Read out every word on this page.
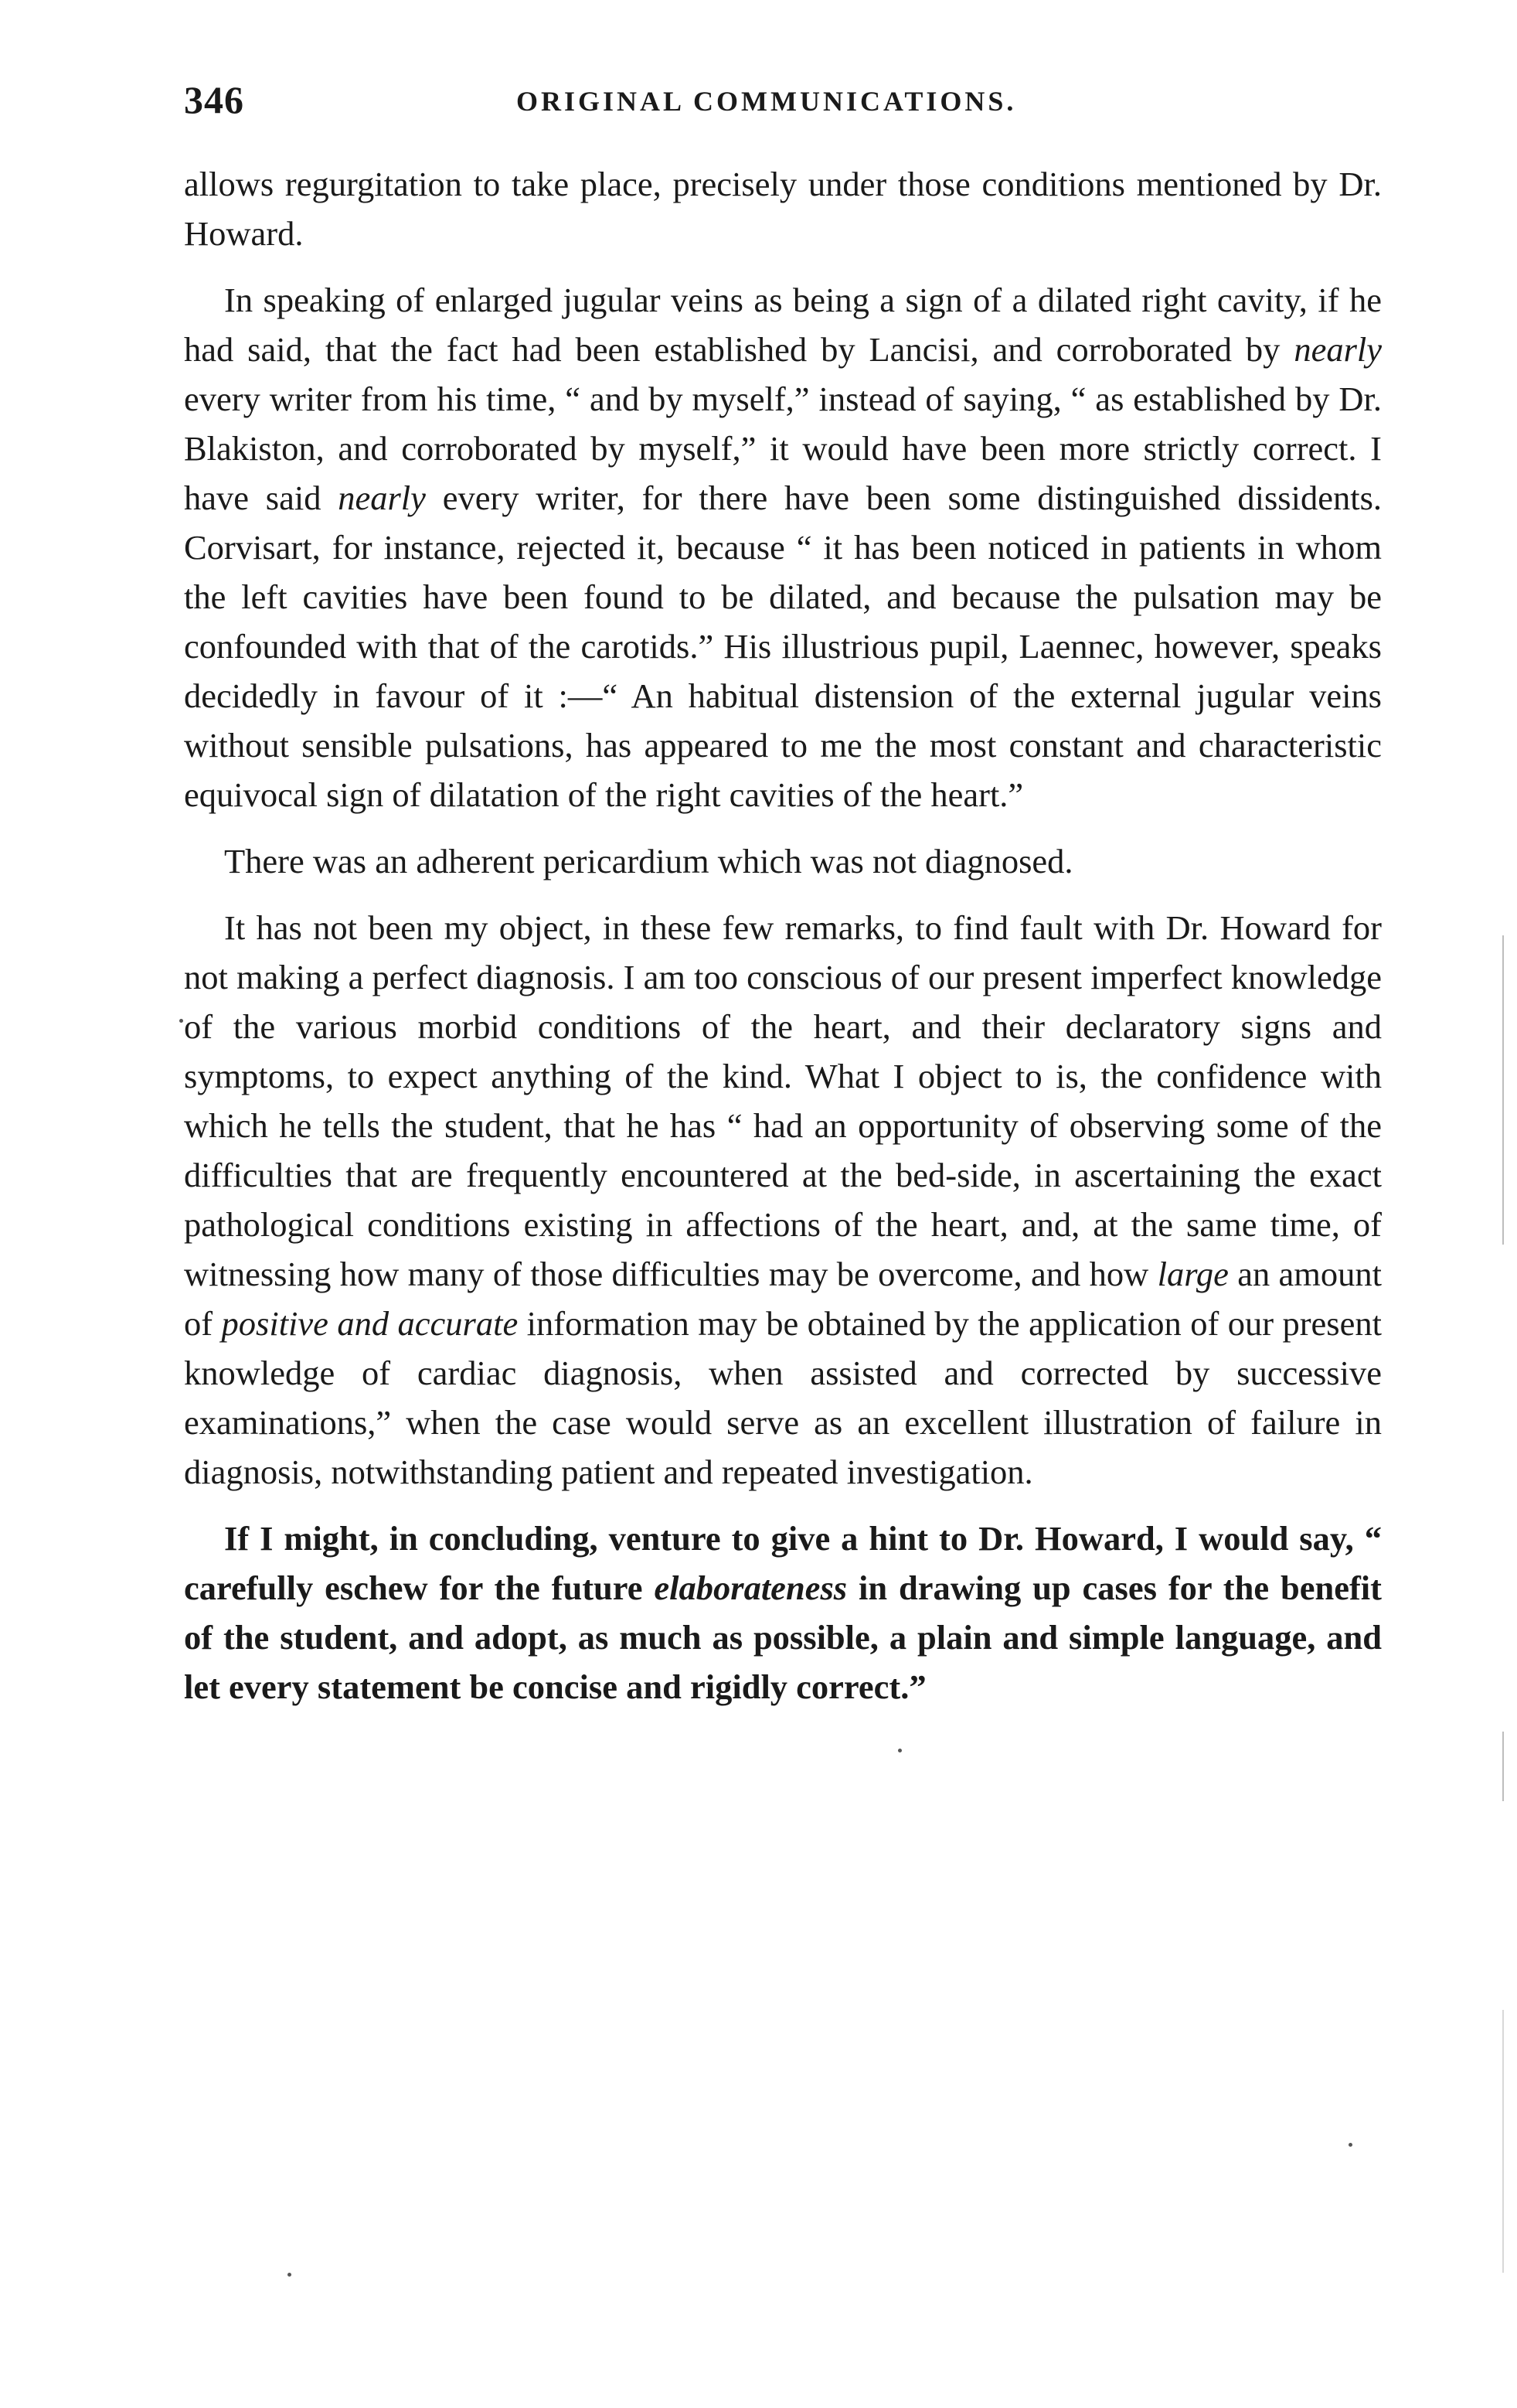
346	ORIGINAL COMMUNICATIONS.

allows regurgitation to take place, precisely under those conditions mentioned by Dr. Howard.

In speaking of enlarged jugular veins as being a sign of a dilated right cavity, if he had said, that the fact had been established by Lancisi, and corroborated by nearly every writer from his time, “ and by myself,” instead of saying, “ as established by Dr. Blakiston, and corroborated by myself,” it would have been more strictly correct. I have said nearly every writer, for there have been some distinguished dissidents. Corvisart, for instance, rejected it, because “ it has been noticed in patients in whom the left cavities have been found to be dilated, and because the pulsation may be confounded with that of the carotids.” His illustrious pupil, Laennec, however, speaks decidedly in favour of it :—“ An habitual distension of the external jugular veins without sensible pulsations, has appeared to me the most constant and characteristic equivocal sign of dilatation of the right cavities of the heart.”

There was an adherent pericardium which was not diagnosed.

It has not been my object, in these few remarks, to find fault with Dr. Howard for not making a perfect diagnosis. I am too conscious of our present imperfect knowledge of the various morbid conditions of the heart, and their declaratory signs and symptoms, to expect anything of the kind. What I object to is, the confidence with which he tells the student, that he has “ had an opportunity of observing some of the difficulties that are frequently encountered at the bed-side, in ascertaining the exact pathological conditions existing in affections of the heart, and, at the same time, of witnessing how many of those difficulties may be overcome, and how large an amount of positive and accurate information may be obtained by the application of our present knowledge of cardiac diagnosis, when assisted and corrected by successive examinations,” when the case would serve as an excellent illustration of failure in diagnosis, notwithstanding patient and repeated investigation.

If I might, in concluding, venture to give a hint to Dr. Howard, I would say, “ carefully eschew for the future elaborateness in drawing up cases for the benefit of the student, and adopt, as much as possible, a plain and simple language, and let every statement be concise and rigidly correct.”
